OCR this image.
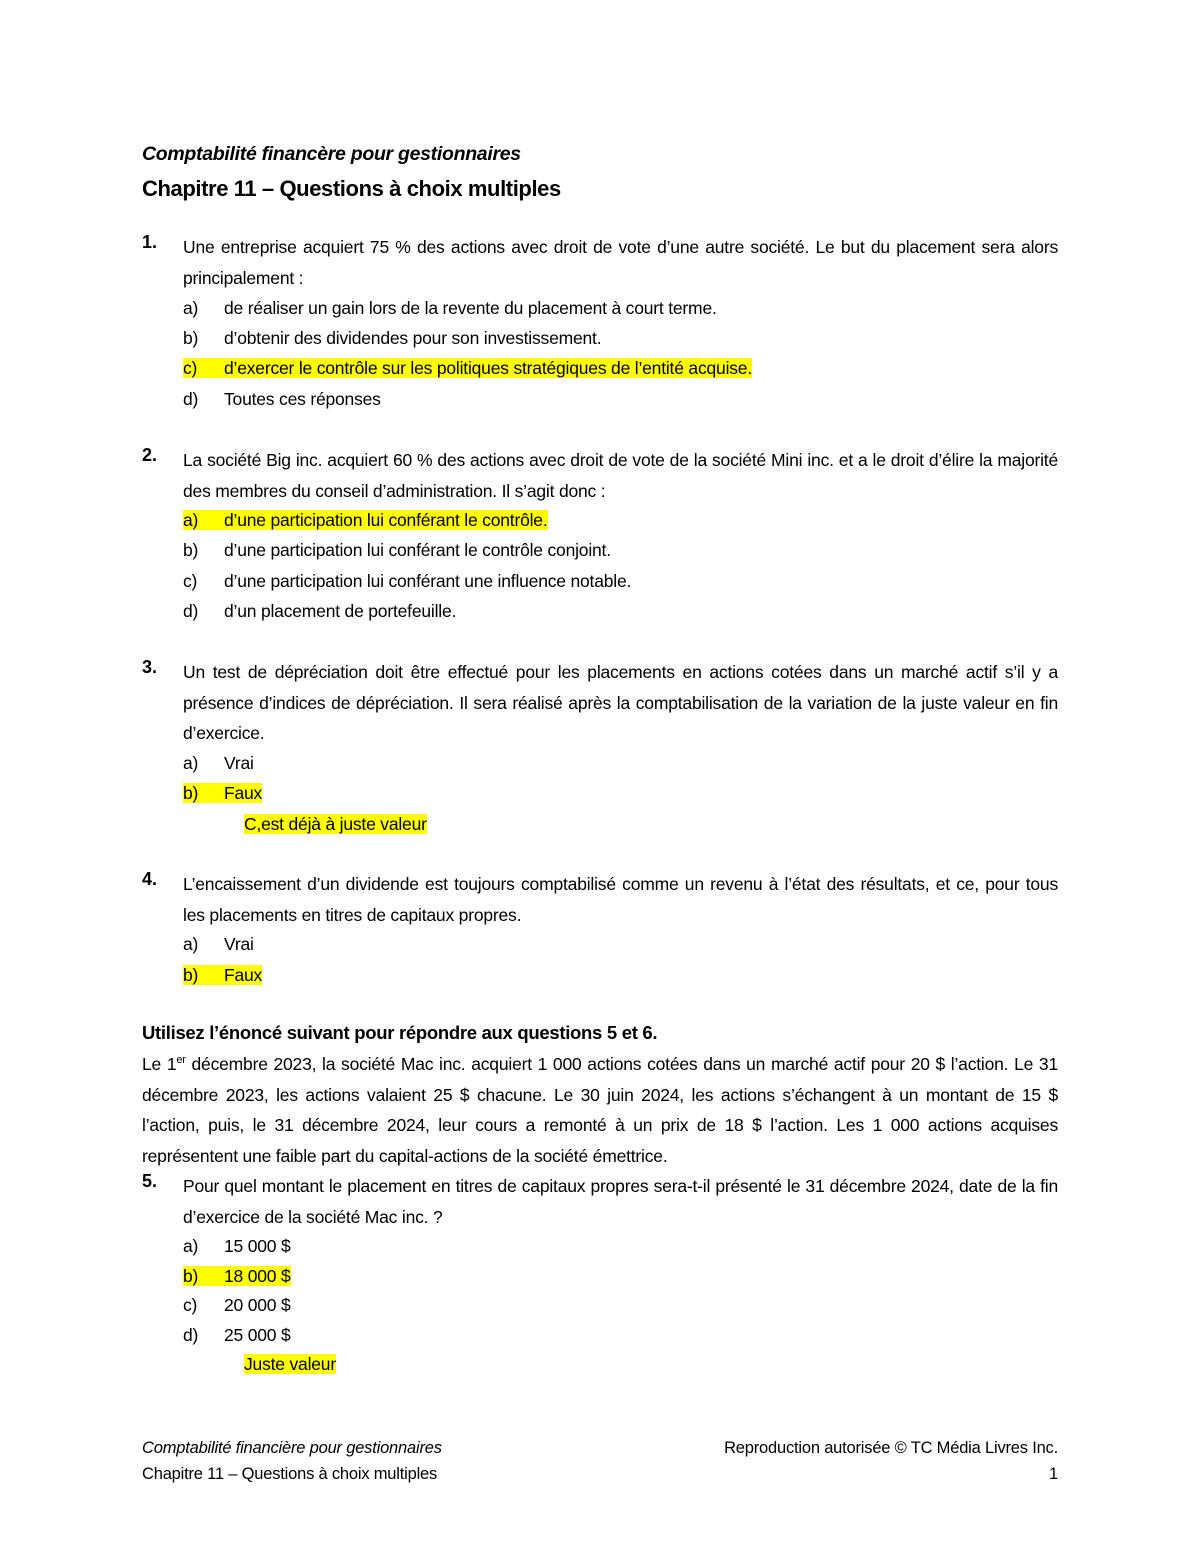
Comptabilité financère pour gestionnaires
Chapitre 11 – Questions à choix multiples
1. Une entreprise acquiert 75 % des actions avec droit de vote d’une autre société. Le but du placement sera alors principalement :
a) de réaliser un gain lors de la revente du placement à court terme.
b) d’obtenir des dividendes pour son investissement.
c) d’exercer le contrôle sur les politiques stratégiques de l’entité acquise.
d) Toutes ces réponses
2. La société Big inc. acquiert 60 % des actions avec droit de vote de la société Mini inc. et a le droit d’élire la majorité des membres du conseil d’administration. Il s’agit donc :
a) d’une participation lui conférant le contrôle.
b) d’une participation lui conférant le contrôle conjoint.
c) d’une participation lui conférant une influence notable.
d) d’un placement de portefeuille.
3. Un test de dépréciation doit être effectué pour les placements en actions cotées dans un marché actif s’il y a présence d’indices de dépréciation. Il sera réalisé après la comptabilisation de la variation de la juste valeur en fin d’exercice.
a) Vrai
b) Faux
C,est déjà à juste valeur
4. L’encaissement d’un dividende est toujours comptabilisé comme un revenu à l’état des résultats, et ce, pour tous les placements en titres de capitaux propres.
a) Vrai
b) Faux
Utilisez l’énoncé suivant pour répondre aux questions 5 et 6.
Le 1er décembre 2023, la société Mac inc. acquiert 1 000 actions cotées dans un marché actif pour 20 $ l’action. Le 31 décembre 2023, les actions valaient 25 $ chacune. Le 30 juin 2024, les actions s’échangent à un montant de 15 $ l’action, puis, le 31 décembre 2024, leur cours a remonté à un prix de 18 $ l’action. Les 1 000 actions acquises représentent une faible part du capital-actions de la société émettrice.
5. Pour quel montant le placement en titres de capitaux propres sera-t-il présenté le 31 décembre 2024, date de la fin d’exercice de la société Mac inc. ?
a) 15 000 $
b) 18 000 $
c) 20 000 $
d) 25 000 $
Juste valeur
Comptabilité financière pour gestionnaires	Reproduction autorisée © TC Média Livres Inc.
Chapitre 11 – Questions à choix multiples	1
